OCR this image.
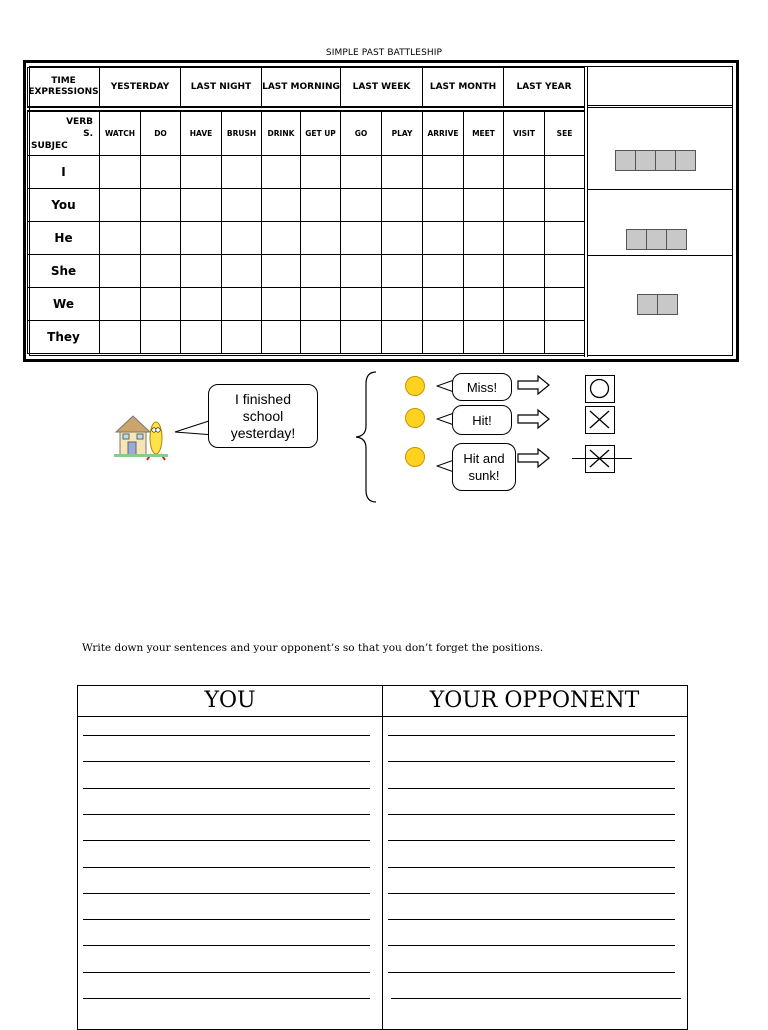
SIMPLE PAST BATTLESHIP
TIME EXPRESSIONS	YESTERDAY		LAST NIGHT		LAST MORNING		LAST WEEK		LAST MONTH		LAST YEAR	

VERBS.
SUBJEC	WATCH	DO	HAVE	BRUSH	DRINK	GET UP	GO	PLAY	ARRIVE	MEET	VISIT	SEE
I												
You												
He												
She												
We												
They												
I finished school yesterday!
Miss!
Hit!
Hit and sunk!
Write down your sentences and your opponent’s so that you don’t forget the positions.
YOU	YOUR OPPONENT
